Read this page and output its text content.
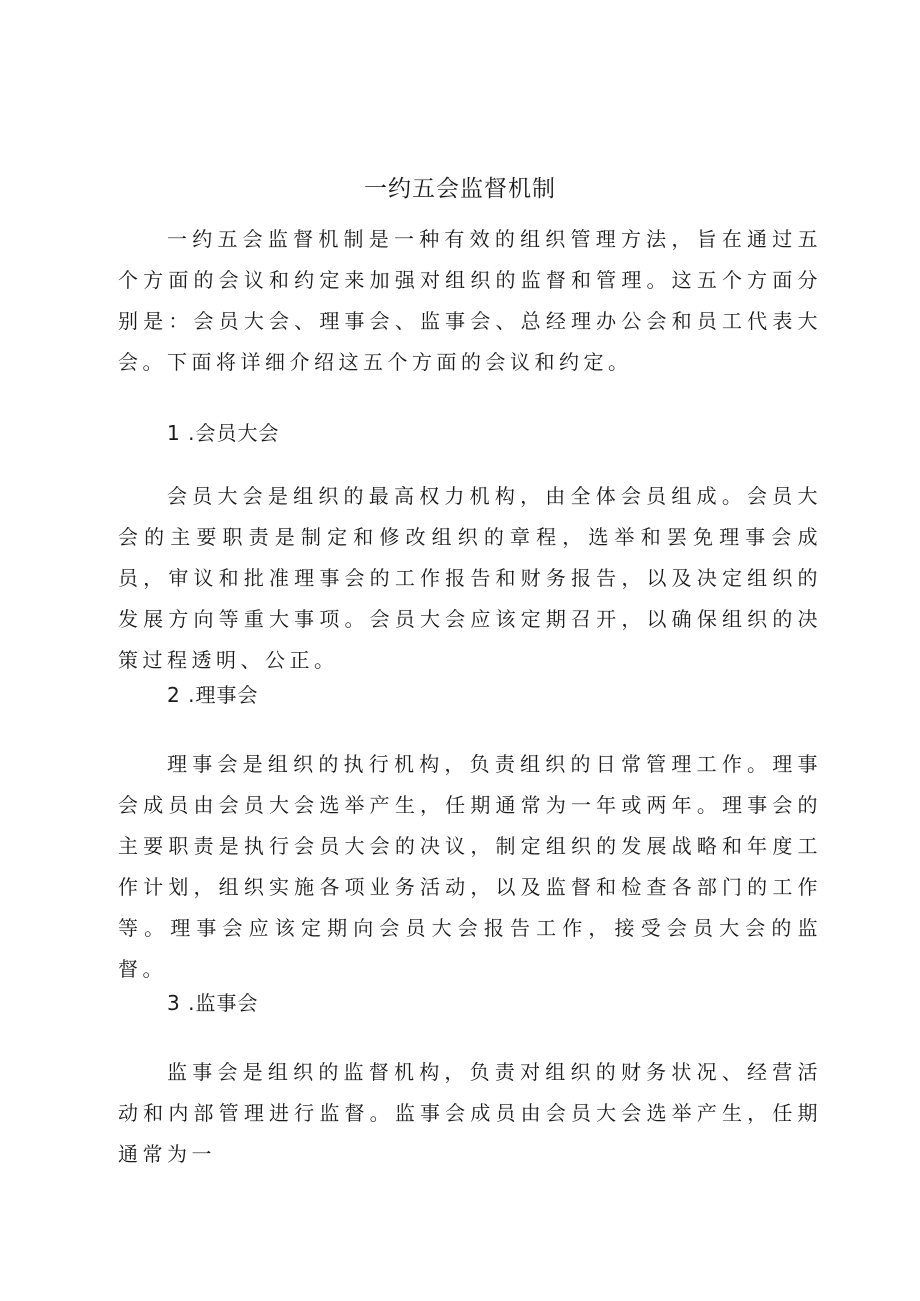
一约五会监督机制

一约五会监督机制是一种有效的组织管理方法，旨在通过五个方面的会议和约定来加强对组织的监督和管理。这五个方面分别是：会员大会、理事会、监事会、总经理办公会和员工代表大会。下面将详细介绍这五个方面的会议和约定。

1 .会员大会

会员大会是组织的最高权力机构，由全体会员组成。会员大会的主要职责是制定和修改组织的章程，选举和罢免理事会成员，审议和批准理事会的工作报告和财务报告，以及决定组织的发展方向等重大事项。会员大会应该定期召开，以确保组织的决策过程透明、公正。

2 .理事会

理事会是组织的执行机构，负责组织的日常管理工作。理事会成员由会员大会选举产生，任期通常为一年或两年。理事会的主要职责是执行会员大会的决议，制定组织的发展战略和年度工作计划，组织实施各项业务活动，以及监督和检查各部门的工作等。理事会应该定期向会员大会报告工作，接受会员大会的监督。

3 .监事会

监事会是组织的监督机构，负责对组织的财务状况、经营活动和内部管理进行监督。监事会成员由会员大会选举产生，任期通常为一
